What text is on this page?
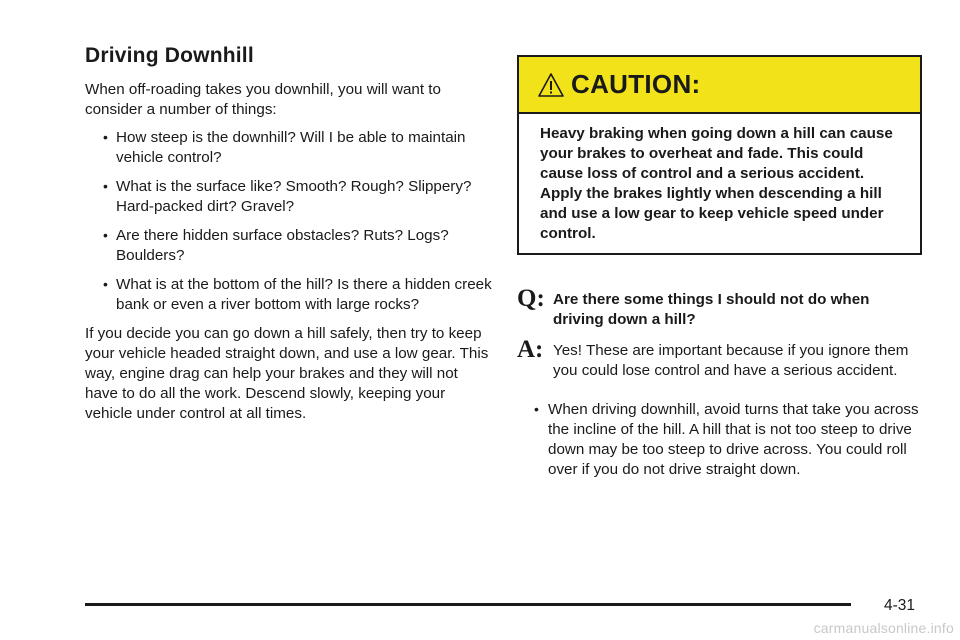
Driving Downhill

When off-roading takes you downhill, you will want to consider a number of things:

• How steep is the downhill? Will I be able to maintain vehicle control?
• What is the surface like? Smooth? Rough? Slippery? Hard-packed dirt? Gravel?
• Are there hidden surface obstacles? Ruts? Logs? Boulders?
• What is at the bottom of the hill? Is there a hidden creek bank or even a river bottom with large rocks?

If you decide you can go down a hill safely, then try to keep your vehicle headed straight down, and use a low gear. This way, engine drag can help your brakes and they will not have to do all the work. Descend slowly, keeping your vehicle under control at all times.

CAUTION:
Heavy braking when going down a hill can cause your brakes to overheat and fade. This could cause loss of control and a serious accident. Apply the brakes lightly when descending a hill and use a low gear to keep vehicle speed under control.
Q: Are there some things I should not do when driving down a hill?
A: Yes! These are important because if you ignore them you could lose control and have a serious accident.
• When driving downhill, avoid turns that take you across the incline of the hill. A hill that is not too steep to drive down may be too steep to drive across. You could roll over if you do not drive straight down.
4-31
carmanualsonline.info
